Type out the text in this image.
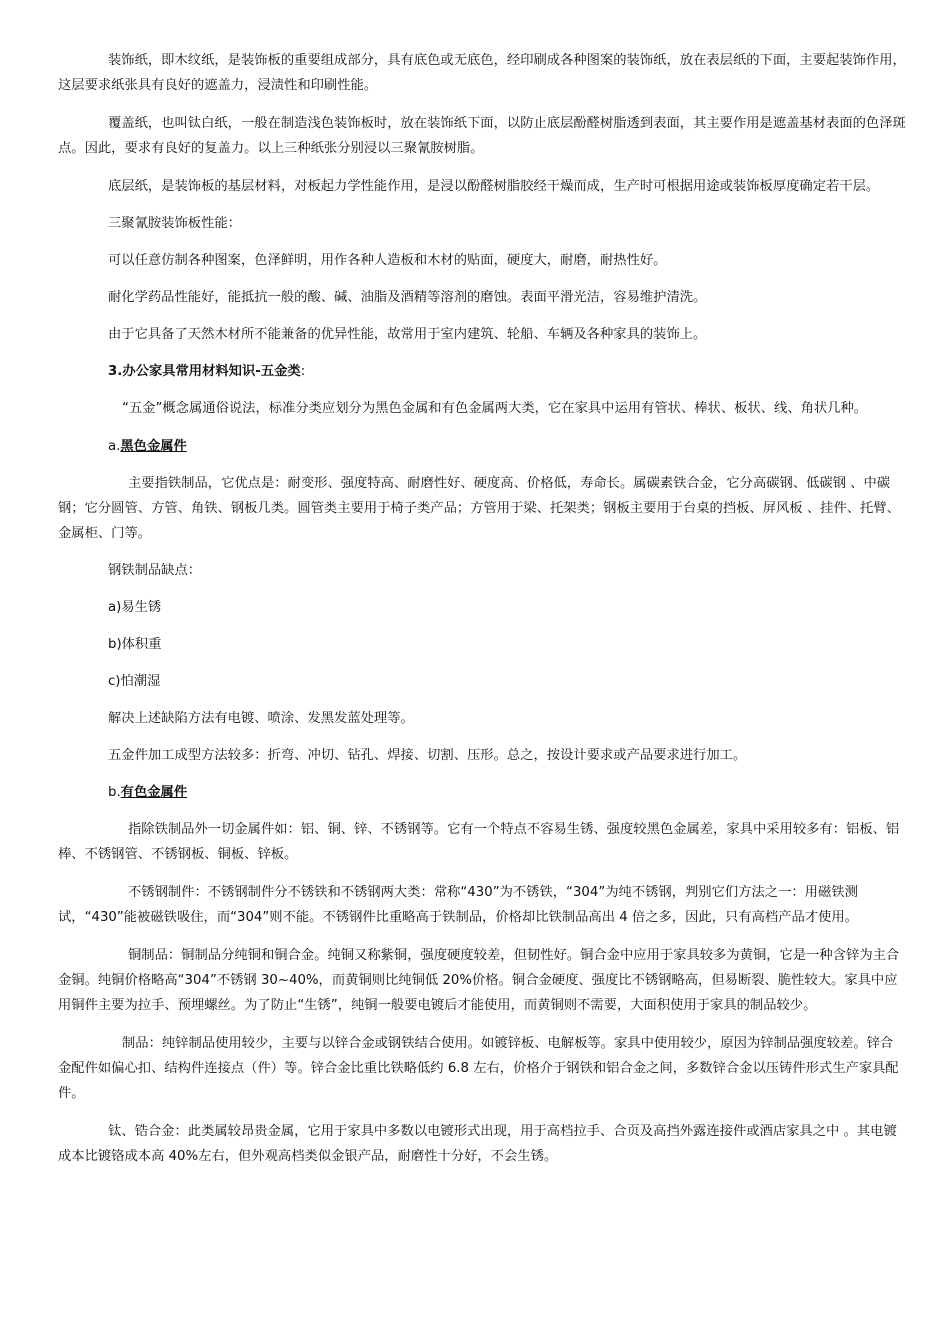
装饰纸，即木纹纸，是装饰板的重要组成部分，具有底色或无底色，经印刷成各种图案的装饰纸，放在表层纸的下面，主要起装饰作用，这层要求纸张具有良好的遮盖力，浸渍性和印刷性能。

覆盖纸，也叫钛白纸，一般在制造浅色装饰板时，放在装饰纸下面，以防止底层酚醛树脂透到表面，其主要作用是遮盖基材表面的色泽斑点。因此，要求有良好的复盖力。以上三种纸张分别浸以三聚氰胺树脂。

底层纸，是装饰板的基层材料，对板起力学性能作用，是浸以酚醛树脂胶经干燥而成，生产时可根据用途或装饰板厚度确定若干层。

三聚氰胺装饰板性能：

可以任意仿制各种图案，色泽鲜明，用作各种人造板和木材的贴面，硬度大，耐磨，耐热性好。

耐化学药品性能好，能抵抗一般的酸、碱、油脂及酒精等溶剂的磨蚀。表面平滑光洁，容易维护清洗。

由于它具备了天然木材所不能兼备的优异性能，故常用于室内建筑、轮船、车辆及各种家具的装饰上。

3.办公家具常用材料知识-五金类:

“五金”概念属通俗说法，标准分类应划分为黑色金属和有色金属两大类，它在家具中运用有管状、棒状、板状、线、角状几种。

a.黑色金属件

主要指铁制品，它优点是：耐变形、强度特高、耐磨性好、硬度高、价格低，寿命长。属碳素铁合金，它分高碳钢、低碳钢 、中碳钢；它分圆管、方管、角铁、钢板几类。圆管类主要用于椅子类产品；方管用于梁、托架类；钢板主要用于台桌的挡板、屏风板 、挂件、托臂、金属柜、门等。

钢铁制品缺点：

a)易生锈

b)体积重

c)怕潮湿

解决上述缺陷方法有电镀、喷涂、发黑发蓝处理等。

五金件加工成型方法较多：折弯、冲切、钻孔、焊接、切割、压形。总之，按设计要求或产品要求进行加工。

b.有色金属件

指除铁制品外一切金属件如：铝、铜、锌、不锈钢等。它有一个特点不容易生锈、强度较黑色金属差，家具中采用较多有：铝板、铝棒、不锈钢管、不锈钢板、铜板、锌板。

不锈钢制件：不锈钢制件分不锈铁和不锈钢两大类：常称“430”为不锈铁，“304”为纯不锈钢，判别它们方法之一：用磁铁测试，“430”能被磁铁吸住，而“304”则不能。不锈钢件比重略高于铁制品，价格却比铁制品高出 4 倍之多，因此，只有高档产品才使用。

铜制品：铜制品分纯铜和铜合金。纯铜又称紫铜，强度硬度较差，但韧性好。铜合金中应用于家具较多为黄铜，它是一种含锌为主合金铜。纯铜价格略高“304”不锈钢 30~40%，而黄铜则比纯铜低 20%价格。铜合金硬度、强度比不锈钢略高，但易断裂、脆性较大。家具中应用铜件主要为拉手、预埋螺丝。为了防止“生锈”，纯铜一般要电镀后才能使用，而黄铜则不需要，大面积使用于家具的制品较少。

制品：纯锌制品使用较少，主要与以锌合金或钢铁结合使用。如镀锌板、电解板等。家具中使用较少，原因为锌制品强度较差。锌合金配件如偏心扣、结构件连接点（件）等。锌合金比重比铁略低约 6.8 左右，价格介于钢铁和铝合金之间，多数锌合金以压铸件形式生产家具配件。

钛、锆合金：此类属较昂贵金属，它用于家具中多数以电镀形式出现，用于高档拉手、合页及高挡外露连接件或酒店家具之中 。其电镀成本比镀铬成本高 40%左右，但外观高档类似金银产品，耐磨性十分好，不会生锈。
